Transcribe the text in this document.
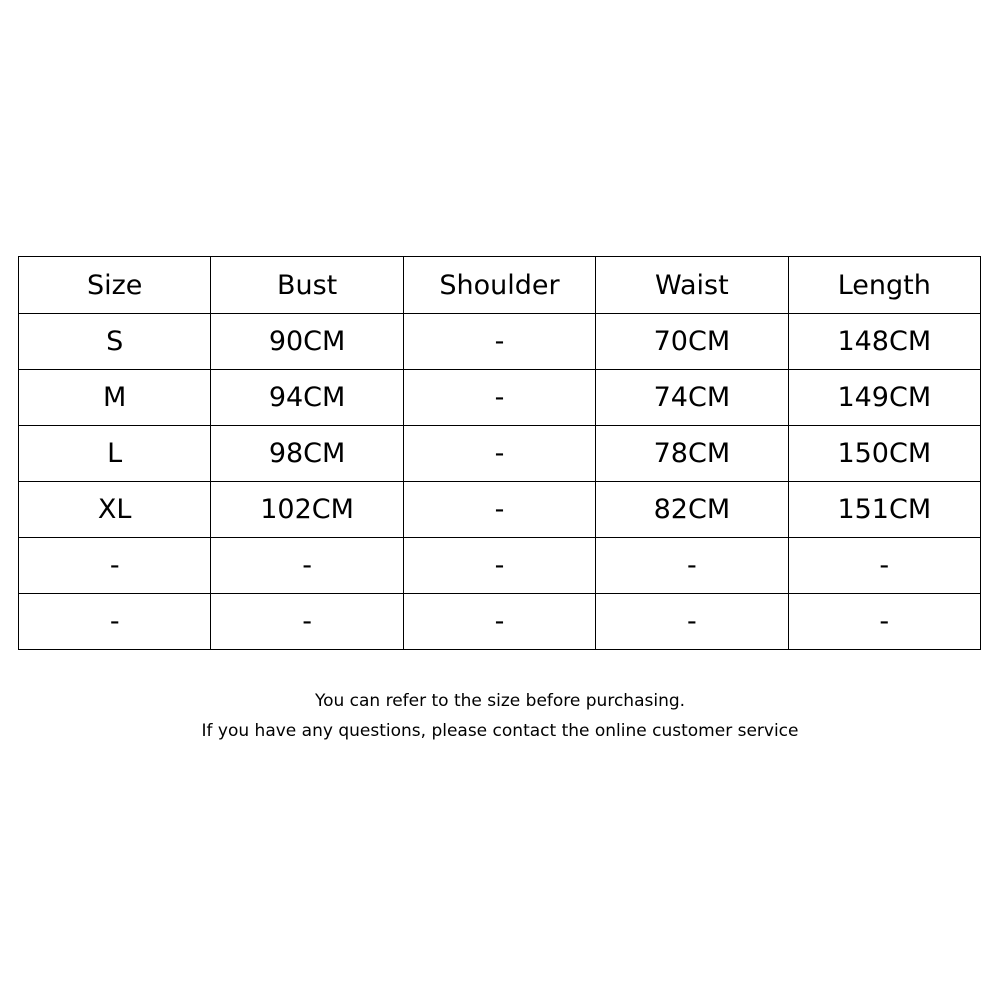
Size	Bust	Shoulder	Waist	Length
S	90CM	-	70CM	148CM
M	94CM	-	74CM	149CM
L	98CM	-	78CM	150CM
XL	102CM	-	82CM	151CM
-	-	-	-	-
-	-	-	-	-
You can refer to the size before purchasing.
If you have any questions, please contact the online customer service
